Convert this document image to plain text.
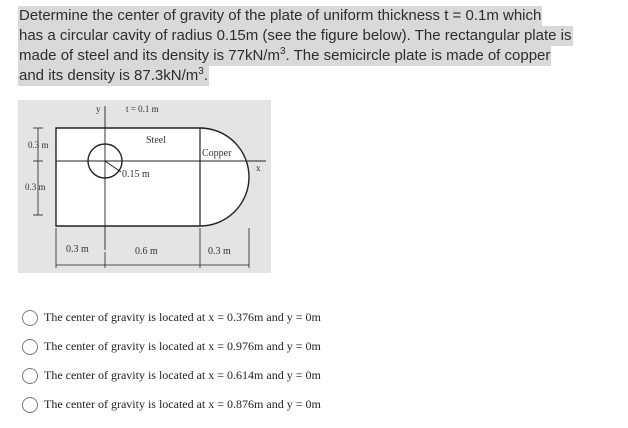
Determine the center of gravity of the plate of uniform thickness t = 0.1m which
has a circular cavity of radius 0.15m (see the figure below). The rectangular plate is
made of steel and its density is $77kN/m^3$. The semicircle plate is made of copper
and its density is $87.3kN/m^3$.
y
x
t = 0.1 m
Steel
Copper
0.15 m
0.3 m
0.3 m
0.3 m	0.6 m	0.3 m
The center of gravity is located at x = 0.376m and y = 0m
The center of gravity is located at x = 0.976m and y = 0m
The center of gravity is located at x = 0.614m and y = 0m
The center of gravity is located at x = 0.876m and y = 0m
